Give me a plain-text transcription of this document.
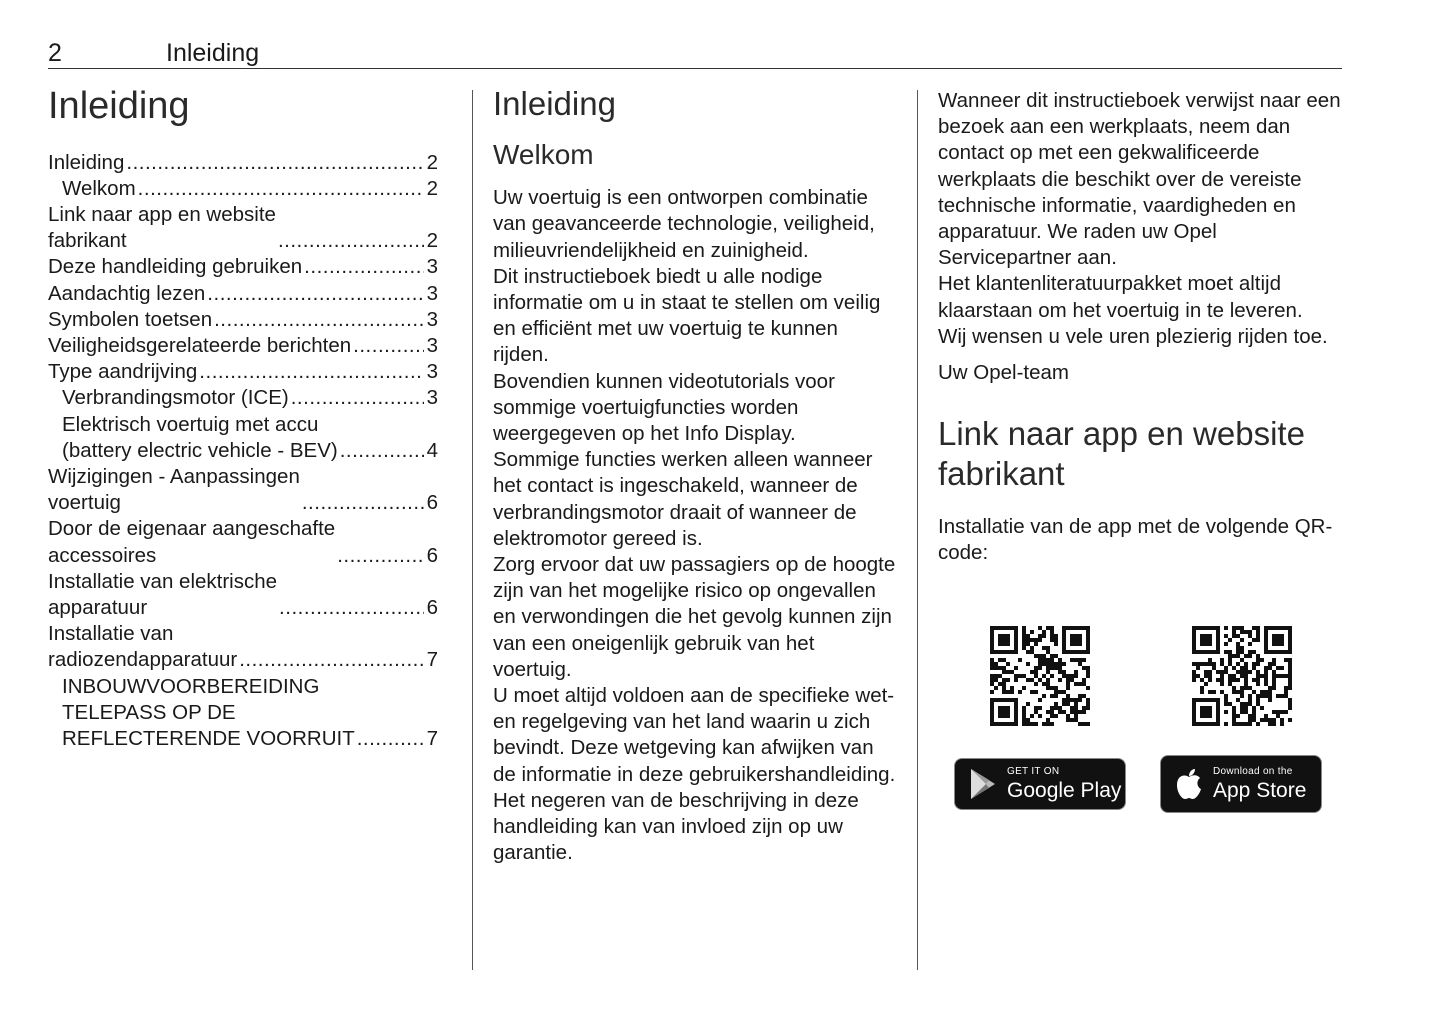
2	Inleiding
Inleiding
Inleiding .....	2
Welkom .....	2
Link naar app en website
fabrikant .....	2
Deze handleiding gebruiken .....	3
Aandachtig lezen .....	3
Symbolen toetsen .....	3
Veiligheidsgerelateerde berichten .....	3
Type aandrijving .....	3
Verbrandingsmotor (ICE) .....	3
Elektrisch voertuig met accu
(battery electric vehicle - BEV) .....	4
Wijzigingen - Aanpassingen
voertuig .....	6
Door de eigenaar aangeschafte
accessoires .....	6
Installatie van elektrische
apparatuur .....	6
Installatie van
radiozendapparatuur .....	7
INBOUWVOORBEREIDING
TELEPASS OP DE
REFLECTERENDE VOORRUIT .....	7
Inleiding
Welkom

Uw voertuig is een ontworpen combinatie van geavanceerde technologie, veiligheid, milieuvriendelijkheid en zuinigheid.

Dit instructieboek biedt u alle nodige informatie om u in staat te stellen om veilig en efficiënt met uw voertuig te kunnen rijden.

Bovendien kunnen videotutorials voor sommige voertuigfuncties worden weergegeven op het Info Display.

Sommige functies werken alleen wanneer het contact is ingeschakeld, wanneer de verbrandingsmotor draait of wanneer de elektromotor gereed is.

Zorg ervoor dat uw passagiers op de hoogte zijn van het mogelijke risico op ongevallen en verwondingen die het gevolg kunnen zijn van een oneigenlijk gebruik van het voertuig.

U moet altijd voldoen aan de specifieke wet- en regelgeving van het land waarin u zich bevindt. Deze wetgeving kan afwijken van de informatie in deze gebruikershandleiding.

Het negeren van de beschrijving in deze handleiding kan van invloed zijn op uw garantie.

Wanneer dit instructieboek verwijst naar een bezoek aan een werkplaats, neem dan contact op met een gekwalificeerde werkplaats die beschikt over de vereiste technische informatie, vaardigheden en apparatuur. We raden uw Opel Servicepartner aan.

Het klantenliteratuurpakket moet altijd klaarstaan om het voertuig in te leveren.

Wij wensen u vele uren plezierig rijden toe.

Uw Opel-team
Link naar app en website fabrikant
Installatie van de app met de volgende QR-code:
GET IT ON
Google Play
Download on the
App Store
